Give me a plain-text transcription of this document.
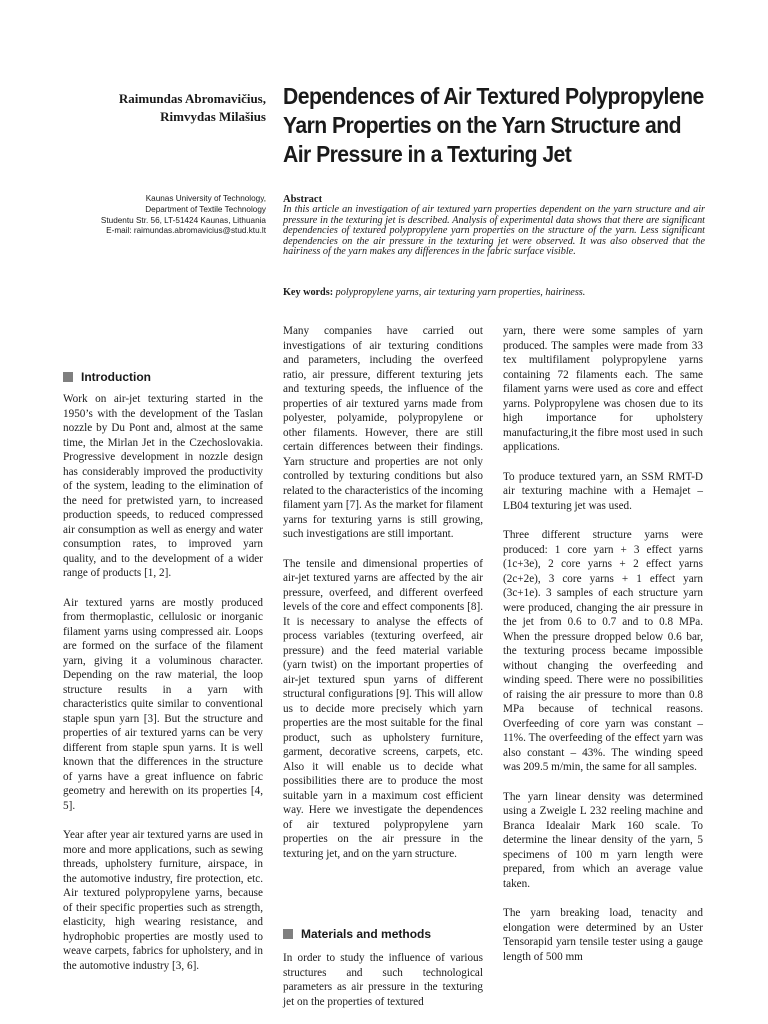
Raimundas Abromavičius,
Rimvydas Milašius
Dependences of Air Textured Polypropylene
Yarn Properties on the Yarn Structure and
Air Pressure in a Texturing Jet
Kaunas University of Technology,
Department of Textile Technology
Studentu Str. 56, LT-51424 Kaunas, Lithuania
E-mail: raimundas.abromavicius@stud.ktu.lt
Abstract
In this article an investigation of air textured yarn properties dependent on the yarn structure and air pressure in the texturing jet is described. Analysis of experimental data shows that there are significant dependencies of textured polypropylene yarn properties on the structure of the yarn. Less significant dependencies on the air pressure in the texturing jet were observed. It was also observed that the hairiness of the yarn makes any differences in the fabric surface visible.
Key words: polypropylene yarns, air texturing yarn properties, hairiness.
Introduction

Work on air-jet texturing started in the 1950’s with the development of the Taslan nozzle by Du Pont and, almost at the same time, the Mirlan Jet in the Czechoslovakia. Progressive development in nozzle design has considerably improved the productivity of the system, leading to the elimination of the need for pretwisted yarn, to increased production speeds, to reduced compressed air consumption as well as energy and water consumption rates, to improved yarn quality, and to the development of a wider range of products [1, 2].

Air textured yarns are mostly produced from thermoplastic, cellulosic or inorganic filament yarns using compressed air. Loops are formed on the surface of the filament yarn, giving it a voluminous character. Depending on the raw material, the loop structure results in a yarn with characteristics quite similar to conventional staple spun yarn [3]. But the structure and properties of air textured yarns can be very different from staple spun yarns. It is well known that the differences in the structure of yarns have a great influence on fabric geometry and herewith on its properties [4, 5].

Year after year air textured yarns are used in more and more applications, such as sewing threads, upholstery furniture, airspace, in the automotive industry, fire protection, etc. Air textured polypropylene yarns, because of their specific properties such as strength, elasticity, high wearing resistance, and hydrophobic properties are mostly used to weave carpets, fabrics for upholstery, and in the automotive industry [3, 6].

Many companies have carried out investigations of air texturing conditions and parameters, including the overfeed ratio, air pressure, different texturing jets and texturing speeds, the influence of the properties of air textured yarns made from polyester, polyamide, polypropylene or other filaments. However, there are still certain differences between their findings. Yarn structure and properties are not only controlled by texturing conditions but also related to the characteristics of the incoming filament yarn [7]. As the market for filament yarns for texturing yarns is still growing, such investigations are still important.

The tensile and dimensional properties of air-jet textured yarns are affected by the air pressure, overfeed, and different overfeed levels of the core and effect components [8]. It is necessary to analyse the effects of process variables (texturing overfeed, air pressure) and the feed material variable (yarn twist) on the important properties of air-jet textured spun yarns of different structural configurations [9]. This will allow us to decide more precisely which yarn properties are the most suitable for the final product, such as upholstery furniture, garment, decorative screens, carpets, etc. Also it will enable us to decide what possibilities there are to produce the most suitable yarn in a maximum cost efficient way. Here we investigate the dependences of air textured polypropylene yarn properties on the air pressure in the texturing jet, and on the yarn structure.

Materials and methods

In order to study the influence of various structures and such technological parameters as air pressure in the texturing jet on the properties of textured

yarn, there were some samples of yarn produced. The samples were made from 33 tex multifilament polypropylene yarns containing 72 filaments each. The same filament yarns were used as core and effect yarns. Polypropylene was chosen due to its high importance for upholstery manufacturing,it the fibre most used in such applications.

To produce textured yarn, an SSM RMT-D air texturing machine with a Hemajet – LB04 texturing jet was used.

Three different structure yarns were produced: 1 core yarn + 3 effect yarns (1c+3e), 2 core yarns + 2 effect yarns (2c+2e), 3 core yarns + 1 effect yarn (3c+1e). 3 samples of each structure yarn were produced, changing the air pressure in the jet from 0.6 to 0.7 and to 0.8 MPa. When the pressure dropped below 0.6 bar, the texturing process became impossible without changing the overfeeding and winding speed. There were no possibilities of raising the air pressure to more than 0.8 MPa because of technical reasons. Overfeeding of core yarn was constant – 11%. The overfeeding of the effect yarn was also constant – 43%. The winding speed was 209.5 m/min, the same for all samples.

The yarn linear density was determined using a Zweigle L 232 reeling machine and Branca Idealair Mark 160 scale. To determine the linear density of the yarn, 5 specimens of 100 m yarn length were prepared, from which an average value taken.

The yarn breaking load, tenacity and elongation were determined by an Uster Tensorapid yarn tensile tester using a gauge length of 500 mm
